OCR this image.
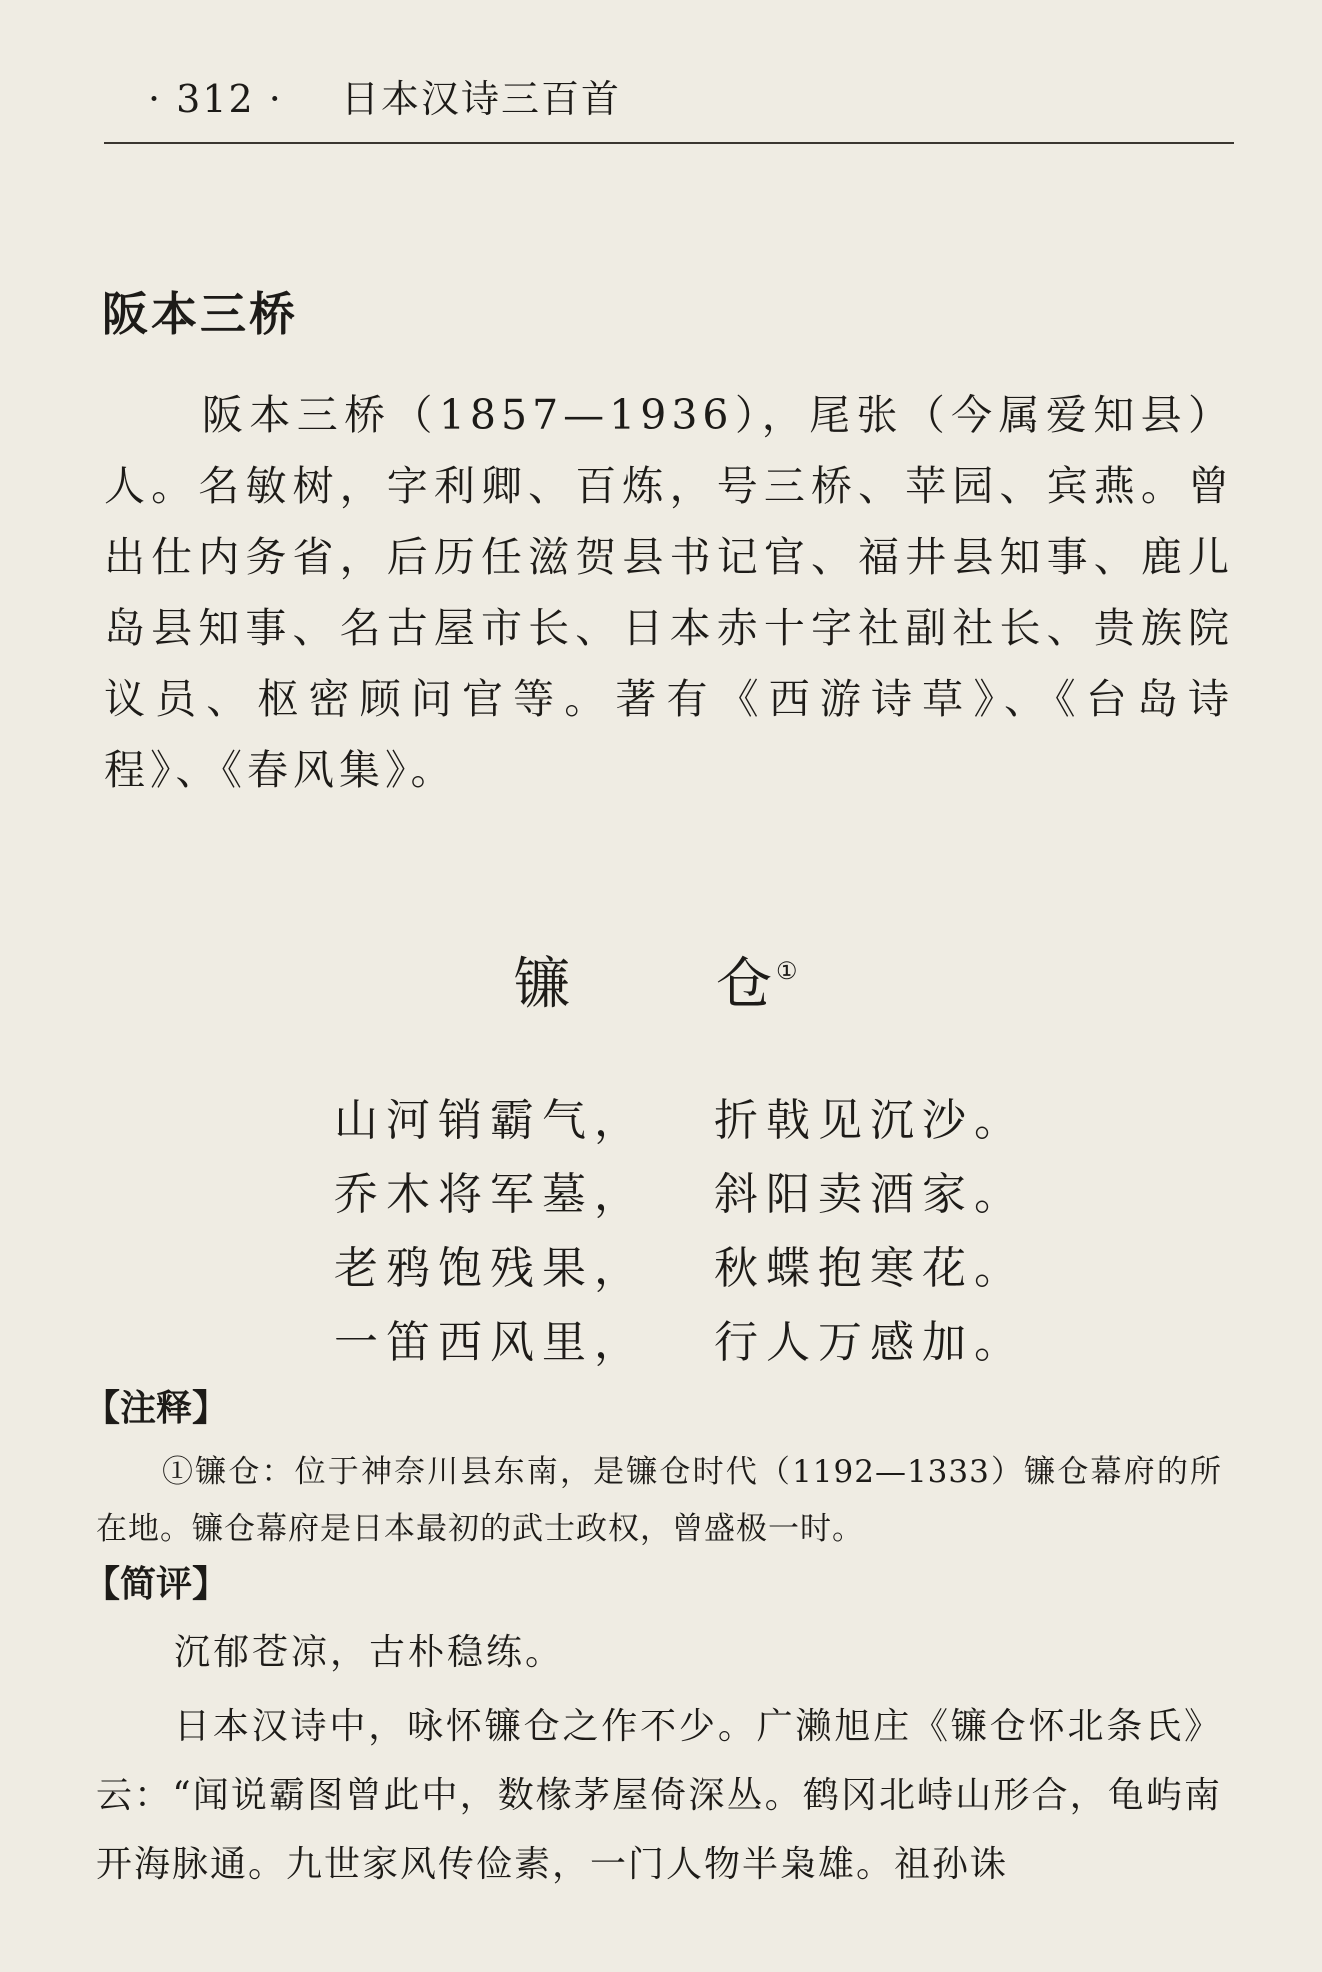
· 312 · 日本汉诗三百首
阪本三桥
阪本三桥（1857—1936），尾张（今属爱知县）人。名敏树，字利卿、百炼，号三桥、苹园、宾燕。曾出仕内务省，后历任滋贺县书记官、福井县知事、鹿儿岛县知事、名古屋市长、日本赤十字社副社长、贵族院议员、枢密顾问官等。著有《西游诗草》、《台岛诗程》、《春风集》。
镰	仓①
山河销霸气， 折戟见沉沙。
乔木将军墓， 斜阳卖酒家。
老鸦饱残果， 秋蝶抱寒花。
一笛西风里， 行人万感加。
【注释】
①镰仓：位于神奈川县东南，是镰仓时代（1192—1333）镰仓幕府的所在地。镰仓幕府是日本最初的武士政权，曾盛极一时。
【简评】
沉郁苍凉，古朴稳练。
日本汉诗中，咏怀镰仓之作不少。广濑旭庄《镰仓怀北条氏》云：“闻说霸图曾此中，数椽茅屋倚深丛。鹤冈北峙山形合，龟屿南开海脉通。九世家风传俭素，一门人物半枭雄。祖孙诛
